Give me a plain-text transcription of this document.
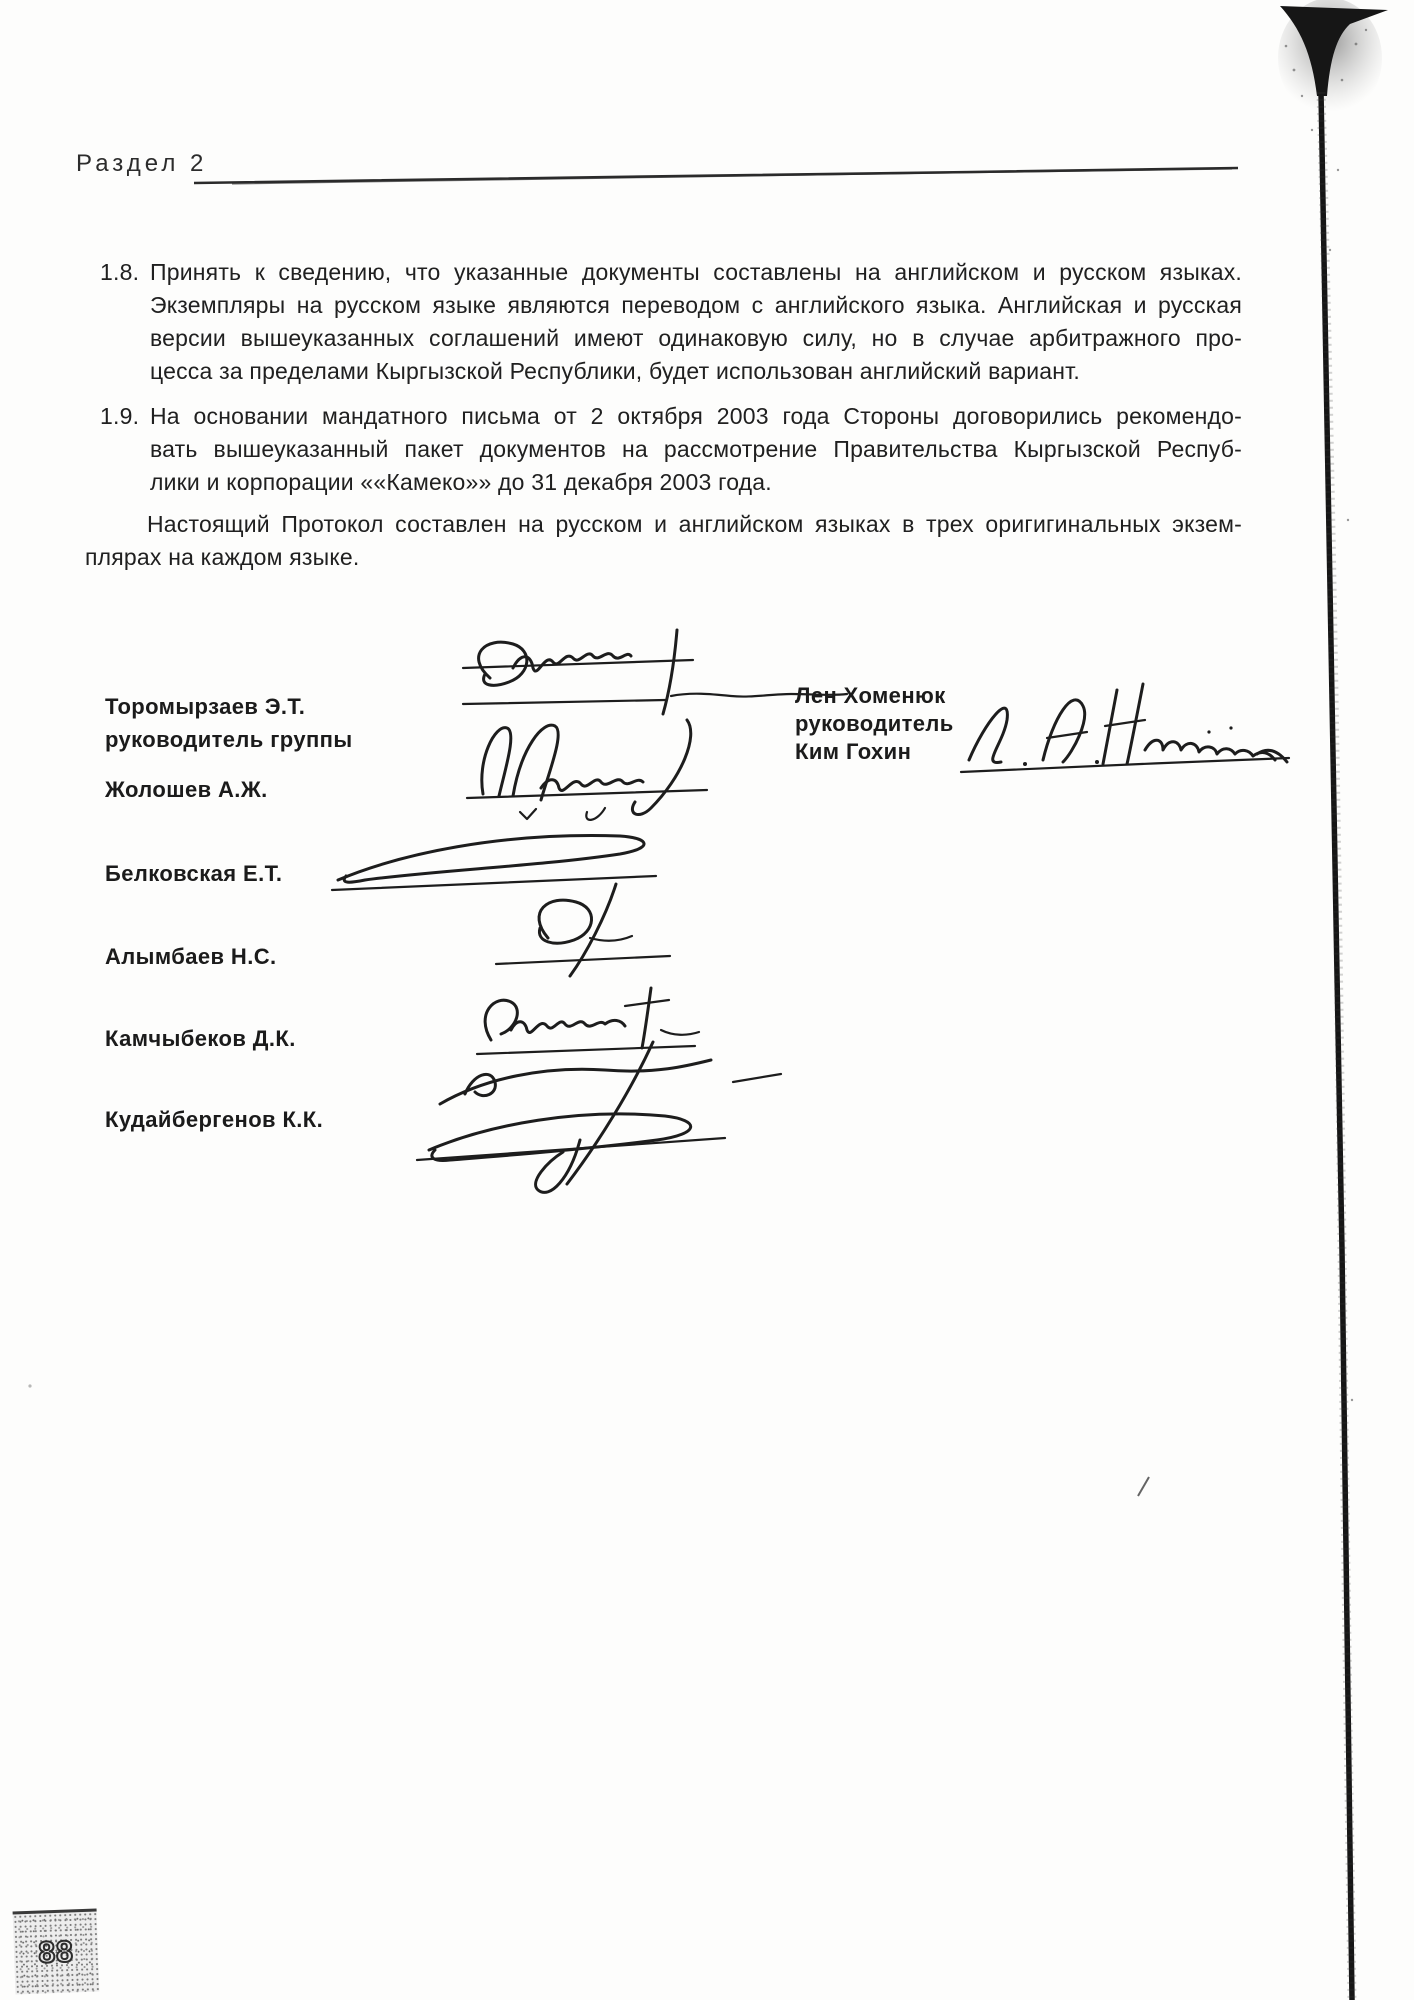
Раздел 2
1.8. Принять к сведению, что указанные документы составлены на английском и русском языках.
Экземпляры на русском языке являются переводом с английского языка. Английская и русская
версии вышеуказанных соглашений имеют одинаковую силу, но в случае арбитражного про-
цесса за пределами Кыргызской Республики, будет использован английский вариант.
1.9. На основании мандатного письма от 2 октября 2003 года Стороны договорились рекомендо-
вать вышеуказанный пакет документов на рассмотрение Правительства Кыргызской Респуб-
лики и корпорации ««Камеко»» до 31 декабря 2003 года.
Настоящий Протокол составлен на русском и английском языках в трех оригигинальных экзем-
плярах на каждом языке.
Торомырзаев Э.Т.
руководитель группы
Жолошев А.Ж.
Белковская Е.Т.
Алымбаев Н.С.
Камчыбеков Д.К.
Кудайбергенов К.К.
Лен Хоменюк
руководитель
Ким Гохин
88
